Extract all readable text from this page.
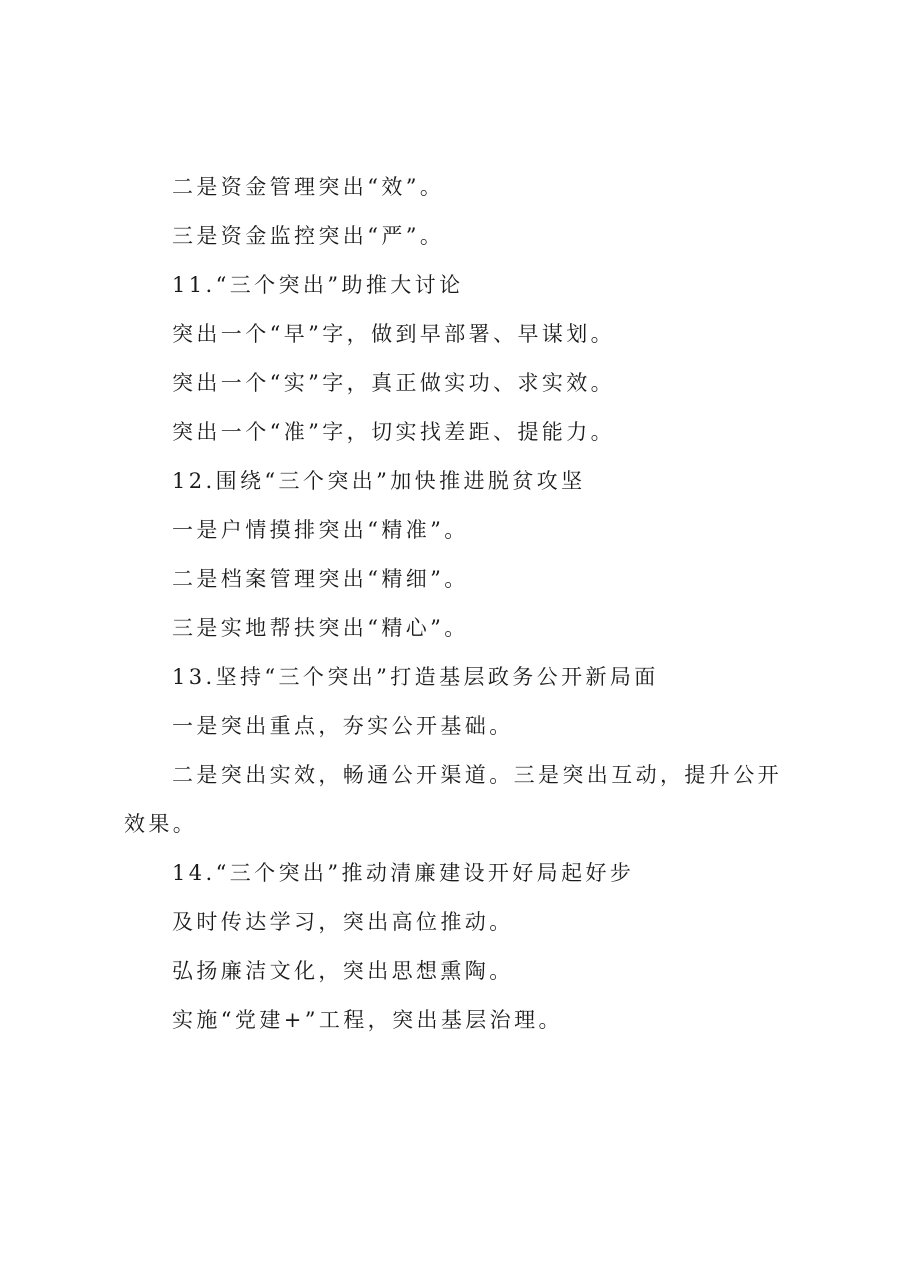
二是资金管理突出“效”。

三是资金监控突出“严”。

11.“三个突出”助推大讨论

突出一个“早”字，做到早部署、早谋划。

突出一个“实”字，真正做实功、求实效。

突出一个“准”字，切实找差距、提能力。

12.围绕“三个突出”加快推进脱贫攻坚

一是户情摸排突出“精准”。

二是档案管理突出“精细”。

三是实地帮扶突出“精心”。

13.坚持“三个突出”打造基层政务公开新局面

一是突出重点，夯实公开基础。

二是突出实效，畅通公开渠道。三是突出互动，提升公开效果。

14.“三个突出”推动清廉建设开好局起好步

及时传达学习，突出高位推动。

弘扬廉洁文化，突出思想熏陶。

实施“党建+”工程，突出基层治理。
